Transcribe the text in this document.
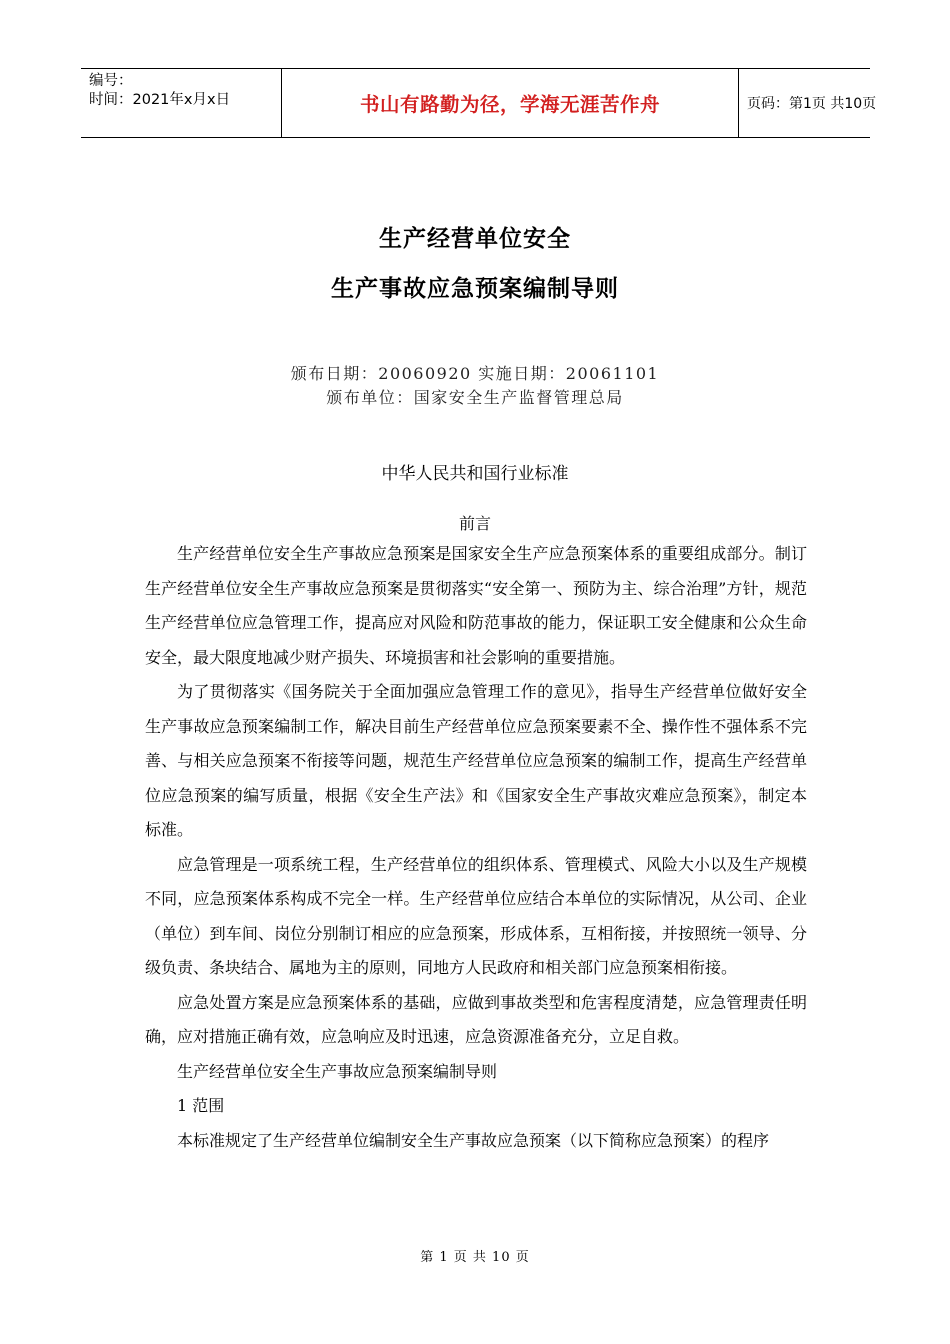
编号：
时间：2021年x月x日	书山有路勤为径，学海无涯苦作舟	页码：第1页 共10页
生产经营单位安全
生产事故应急预案编制导则
颁布日期：20060920 实施日期：20061101
颁布单位：国家安全生产监督管理总局
中华人民共和国行业标准
前言

生产经营单位安全生产事故应急预案是国家安全生产应急预案体系的重要组成部分。制订生产经营单位安全生产事故应急预案是贯彻落实“安全第一、预防为主、综合治理”方针，规范生产经营单位应急管理工作，提高应对风险和防范事故的能力，保证职工安全健康和公众生命安全，最大限度地减少财产损失、环境损害和社会影响的重要措施。

为了贯彻落实《国务院关于全面加强应急管理工作的意见》，指导生产经营单位做好安全生产事故应急预案编制工作，解决目前生产经营单位应急预案要素不全、操作性不强体系不完善、与相关应急预案不衔接等问题，规范生产经营单位应急预案的编制工作，提高生产经营单位应急预案的编写质量，根据《安全生产法》和《国家安全生产事故灾难应急预案》，制定本标准。

应急管理是一项系统工程，生产经营单位的组织体系、管理模式、风险大小以及生产规模不同，应急预案体系构成不完全一样。生产经营单位应结合本单位的实际情况，从公司、企业（单位）到车间、岗位分别制订相应的应急预案，形成体系，互相衔接，并按照统一领导、分级负责、条块结合、属地为主的原则，同地方人民政府和相关部门应急预案相衔接。

应急处置方案是应急预案体系的基础，应做到事故类型和危害程度清楚，应急管理责任明确，应对措施正确有效，应急响应及时迅速，应急资源准备充分，立足自救。

生产经营单位安全生产事故应急预案编制导则

1 范围

本标准规定了生产经营单位编制安全生产事故应急预案（以下简称应急预案）的程序

第 1 页 共 10 页
